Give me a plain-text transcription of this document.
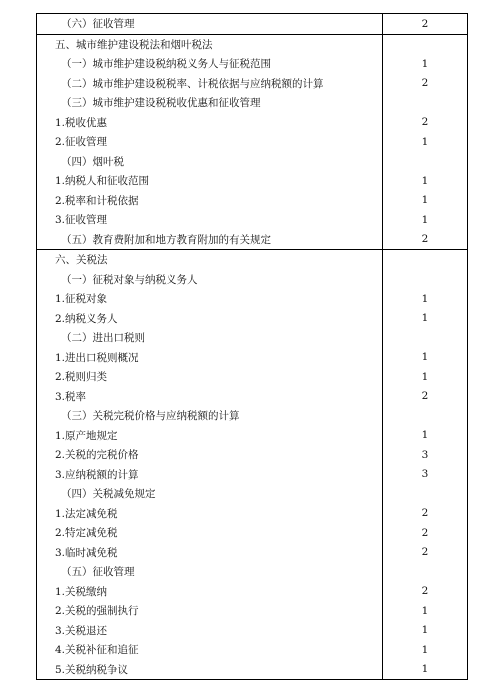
（六）征收管理	2
五、城市维护建设税法和烟叶税法
（一）城市维护建设税纳税义务人与征税范围	1
（二）城市维护建设税税率、计税依据与应纳税额的计算	2
（三）城市维护建设税税收优惠和征收管理
1.税收优惠	2
2.征收管理	1
（四）烟叶税
1.纳税人和征收范围	1
2.税率和计税依据	1
3.征收管理	1
（五）教育费附加和地方教育附加的有关规定	2
六、关税法
（一）征税对象与纳税义务人
1.征税对象	1
2.纳税义务人	1
（二）进出口税则
1.进出口税则概况	1
2.税则归类	1
3.税率	2
（三）关税完税价格与应纳税额的计算
1.原产地规定	1
2.关税的完税价格	3
3.应纳税额的计算	3
（四）关税减免规定
1.法定减免税	2
2.特定减免税	2
3.临时减免税	2
（五）征收管理
1.关税缴纳	2
2.关税的强制执行	1
3.关税退还	1
4.关税补征和追征	1
5.关税纳税争议	1
